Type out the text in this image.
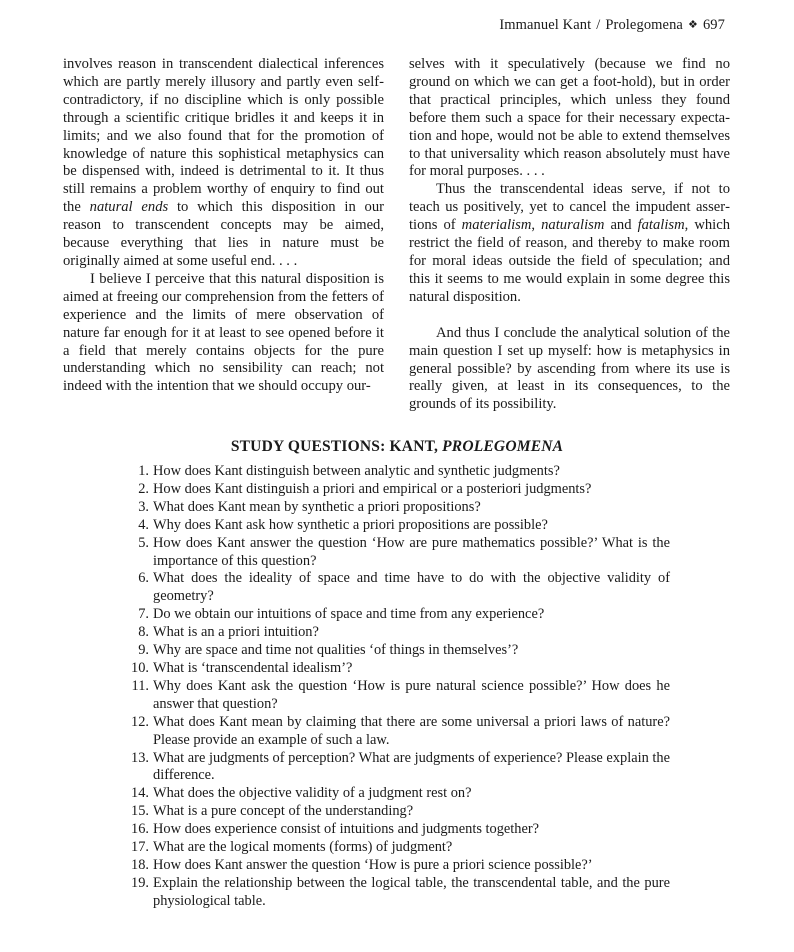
Immanuel Kant / Prolegomena ❖ 697

involves reason in transcendent dialectical inferences which are partly merely illusory and partly even self-contradictory, if no discipline which is only possible through a scientific critique bridles it and keeps it in limits; and we also found that for the promotion of knowledge of nature this sophistical metaphysics can be dispensed with, indeed is detrimental to it. It thus still remains a problem worthy of enquiry to find out the natural ends to which this disposition in our reason to transcendent concepts may be aimed, because everything that lies in nature must be originally aimed at some useful end. . . .

I believe I perceive that this natural disposition is aimed at freeing our comprehension from the fetters of experience and the limits of mere observation of nature far enough for it at least to see opened before it a field that merely contains objects for the pure understanding which no sensibility can reach; not indeed with the intention that we should occupy our-

selves with it speculatively (because we find no ground on which we can get a foot-hold), but in order that practical principles, which unless they found before them such a space for their necessary expectation and hope, would not be able to extend themselves to that universality which reason absolutely must have for moral purposes. . . .

Thus the transcendental ideas serve, if not to teach us positively, yet to cancel the impudent assertions of materialism, naturalism and fatalism, which restrict the field of reason, and thereby to make room for moral ideas outside the field of speculation; and this it seems to me would explain in some degree this natural disposition.

And thus I conclude the analytical solution of the main question I set up myself: how is metaphysics in general possible? by ascending from where its use is really given, at least in its consequences, to the grounds of its possibility.

STUDY QUESTIONS: KANT, PROLEGOMENA
1. How does Kant distinguish between analytic and synthetic judgments?
2. How does Kant distinguish a priori and empirical or a posteriori judgments?
3. What does Kant mean by synthetic a priori propositions?
4. Why does Kant ask how synthetic a priori propositions are possible?
5. How does Kant answer the question ‘How are pure mathematics possible?’ What is the importance of this question?
6. What does the ideality of space and time have to do with the objective validity of geometry?
7. Do we obtain our intuitions of space and time from any experience?
8. What is an a priori intuition?
9. Why are space and time not qualities ‘of things in themselves’?
10. What is ‘transcendental idealism’?
11. Why does Kant ask the question ‘How is pure natural science possible?’ How does he answer that question?
12. What does Kant mean by claiming that there are some universal a priori laws of nature? Please provide an example of such a law.
13. What are judgments of perception? What are judgments of experience? Please explain the difference.
14. What does the objective validity of a judgment rest on?
15. What is a pure concept of the understanding?
16. How does experience consist of intuitions and judgments together?
17. What are the logical moments (forms) of judgment?
18. How does Kant answer the question ‘How is pure a priori science possible?’
19. Explain the relationship between the logical table, the transcendental table, and the pure physiological table.
